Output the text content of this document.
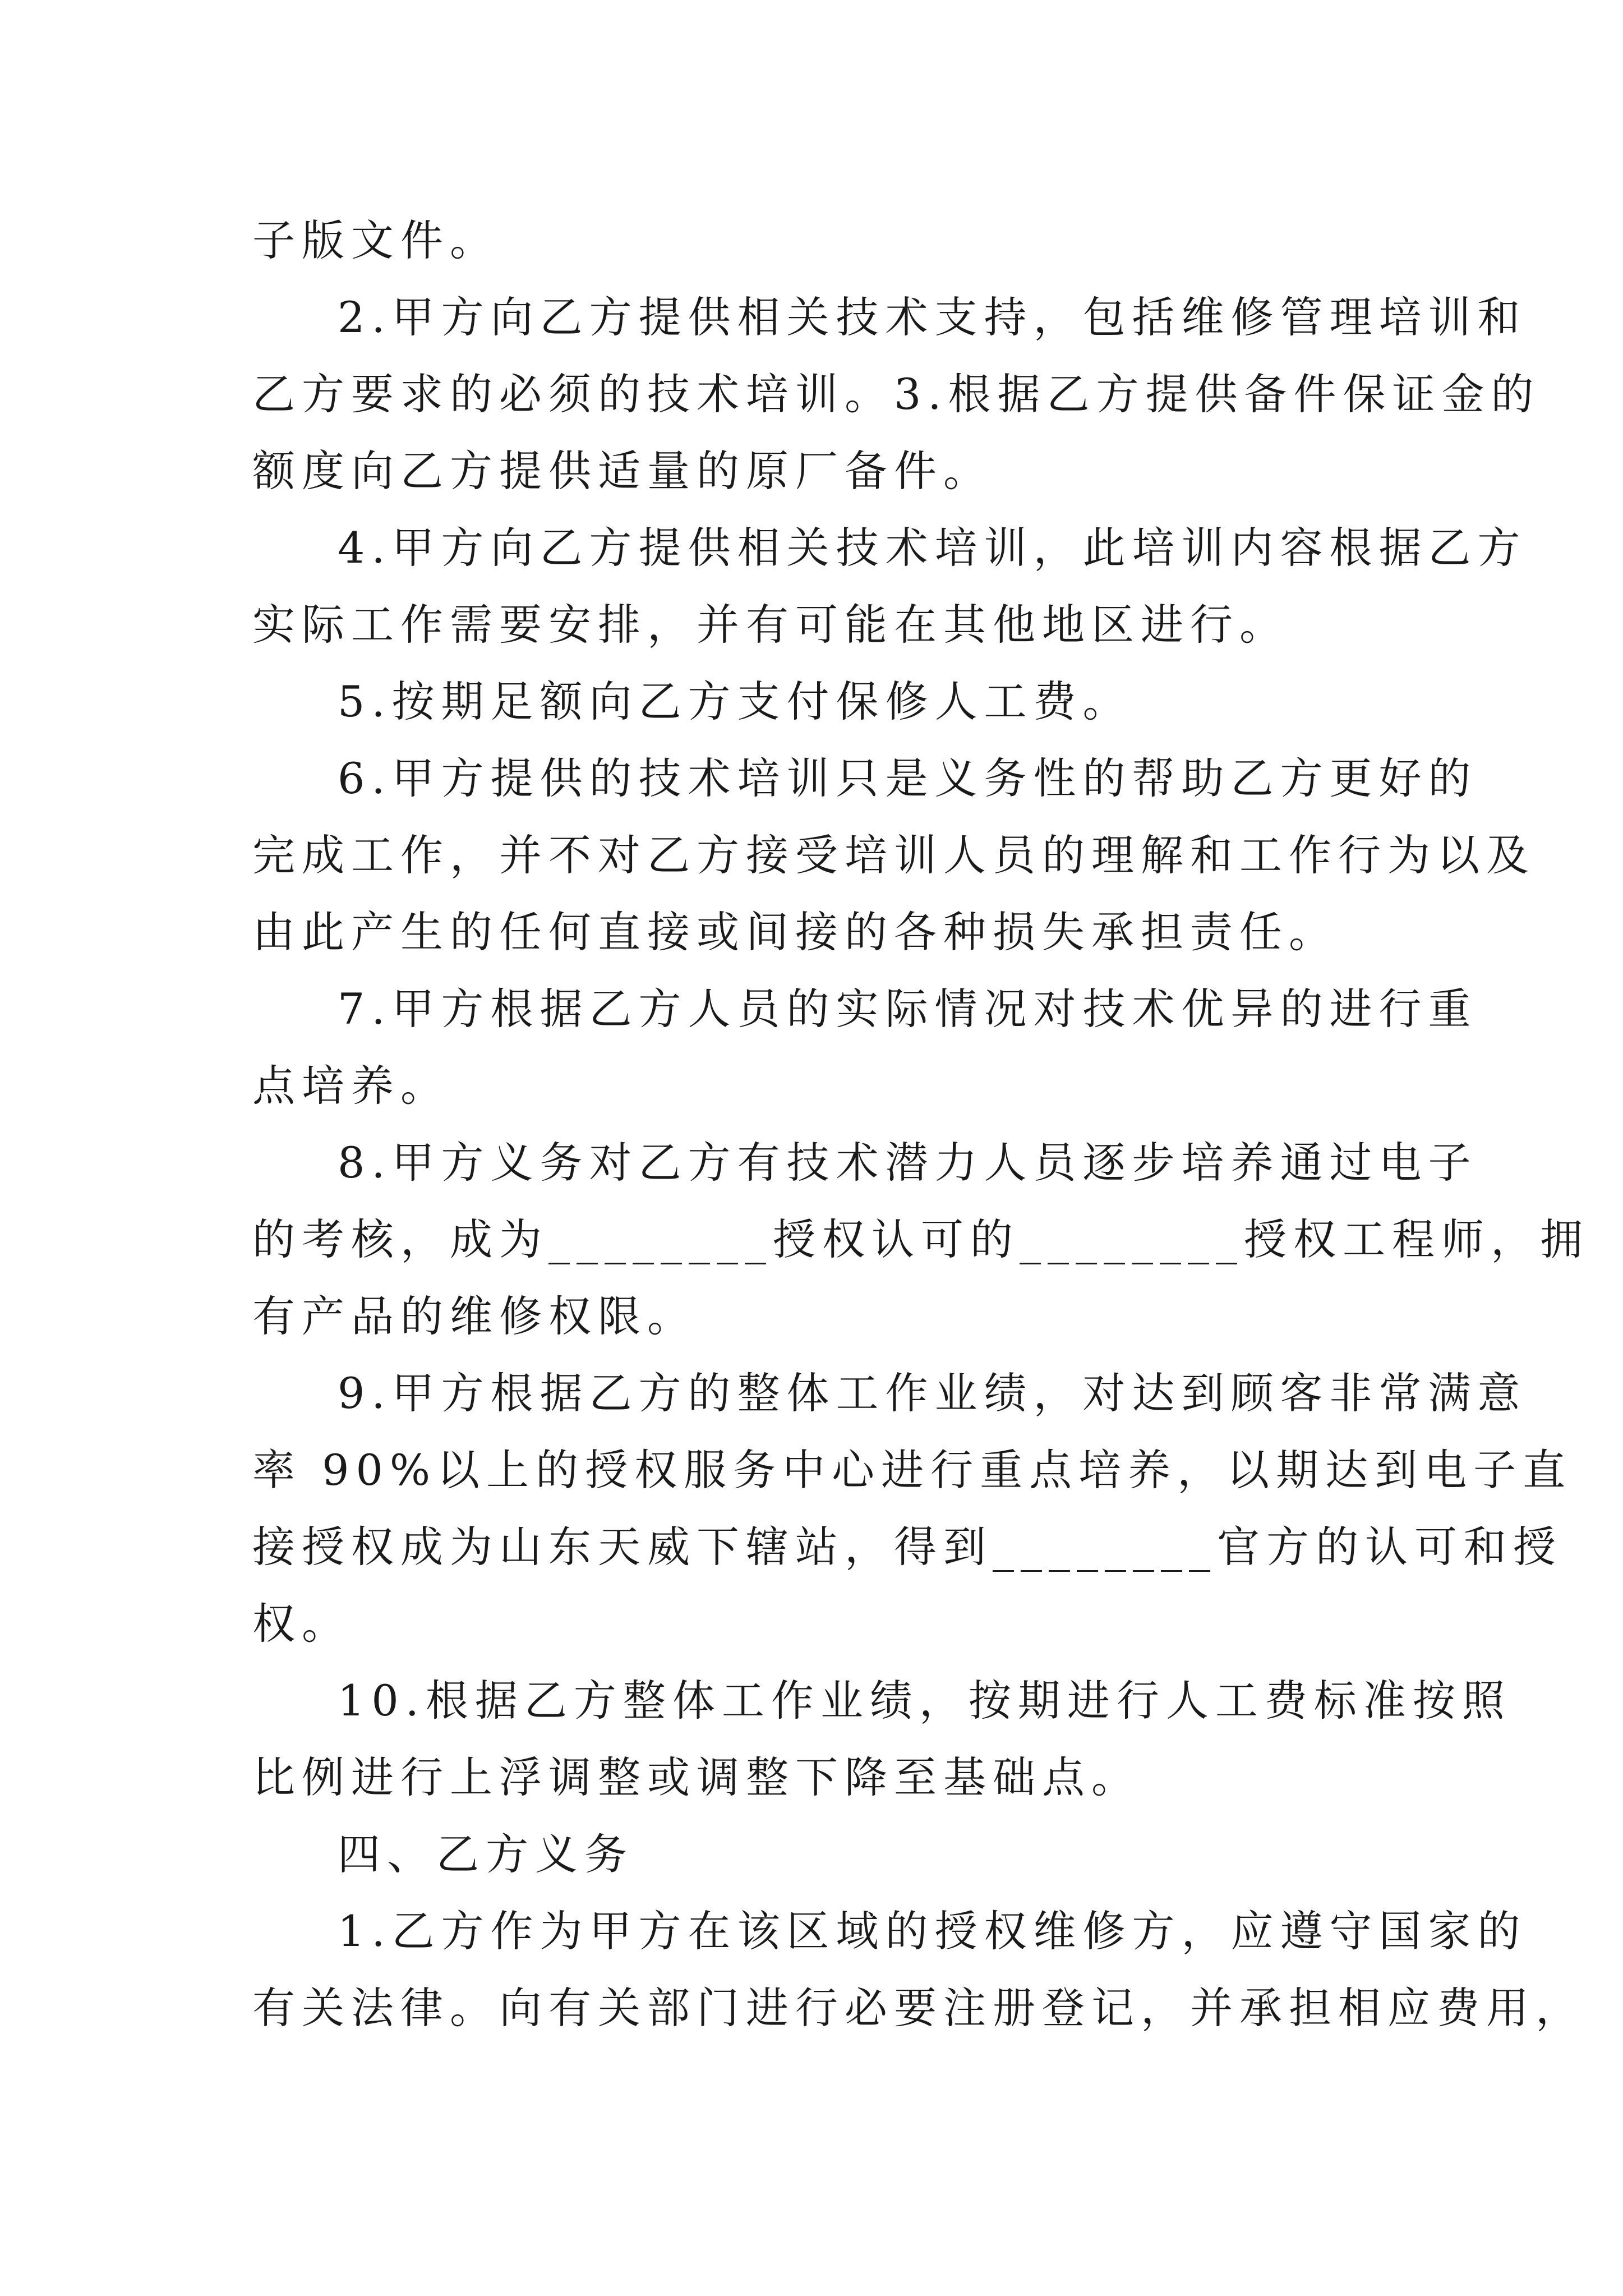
子版文件。

2.甲方向乙方提供相关技术支持，包括维修管理培训和
乙方要求的必须的技术培训。3.根据乙方提供备件保证金的
额度向乙方提供适量的原厂备件。

4.甲方向乙方提供相关技术培训，此培训内容根据乙方
实际工作需要安排，并有可能在其他地区进行。

5.按期足额向乙方支付保修人工费。

6.甲方提供的技术培训只是义务性的帮助乙方更好的
完成工作，并不对乙方接受培训人员的理解和工作行为以及
由此产生的任何直接或间接的各种损失承担责任。

7.甲方根据乙方人员的实际情况对技术优异的进行重
点培养。

8.甲方义务对乙方有技术潜力人员逐步培养通过电子
的考核，成为________授权认可的________授权工程师，拥
有产品的维修权限。

9.甲方根据乙方的整体工作业绩，对达到顾客非常满意
率 90%以上的授权服务中心进行重点培养，以期达到电子直
接授权成为山东天威下辖站，得到________官方的认可和授
权。

10.根据乙方整体工作业绩，按期进行人工费标准按照
比例进行上浮调整或调整下降至基础点。

四、乙方义务

1.乙方作为甲方在该区域的授权维修方，应遵守国家的
有关法律。向有关部门进行必要注册登记，并承担相应费用，
